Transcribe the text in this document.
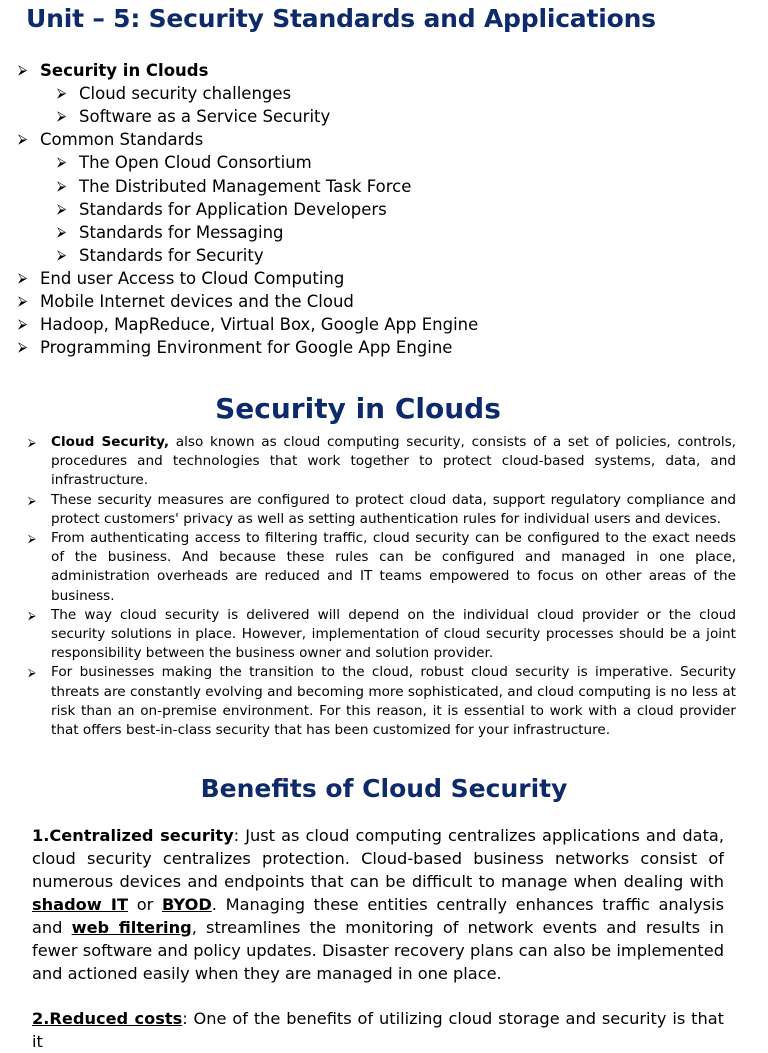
Unit – 5: Security Standards and Applications
⮚ Security in Clouds
⮚ Cloud security challenges
⮚ Software as a Service Security
⮚ Common Standards
⮚ The Open Cloud Consortium
⮚ The Distributed Management Task Force
⮚ Standards for Application Developers
⮚ Standards for Messaging
⮚ Standards for Security
⮚ End user Access to Cloud Computing
⮚ Mobile Internet devices and the Cloud
⮚ Hadoop, MapReduce, Virtual Box, Google App Engine
⮚ Programming Environment for Google App Engine
Security in Clouds

⮚ Cloud Security, also known as cloud computing security, consists of a set of policies, controls, procedures and technologies that work together to protect cloud-based systems, data, and infrastructure.

⮚ These security measures are configured to protect cloud data, support regulatory compliance and protect customers' privacy as well as setting authentication rules for individual users and devices.

⮚ From authenticating access to filtering traffic, cloud security can be configured to the exact needs of the business. And because these rules can be configured and managed in one place, administration overheads are reduced and IT teams empowered to focus on other areas of the business.

⮚ The way cloud security is delivered will depend on the individual cloud provider or the cloud security solutions in place. However, implementation of cloud security processes should be a joint responsibility between the business owner and solution provider.

⮚ For businesses making the transition to the cloud, robust cloud security is imperative. Security threats are constantly evolving and becoming more sophisticated, and cloud computing is no less at risk than an on-premise environment. For this reason, it is essential to work with a cloud provider that offers best-in-class security that has been customized for your infrastructure.

Benefits of Cloud Security

1.Centralized security: Just as cloud computing centralizes applications and data, cloud security centralizes protection. Cloud-based business networks consist of numerous devices and endpoints that can be difficult to manage when dealing with shadow IT or BYOD. Managing these entities centrally enhances traffic analysis and web filtering, streamlines the monitoring of network events and results in fewer software and policy updates. Disaster recovery plans can also be implemented and actioned easily when they are managed in one place.

2.Reduced costs: One of the benefits of utilizing cloud storage and security is that it
